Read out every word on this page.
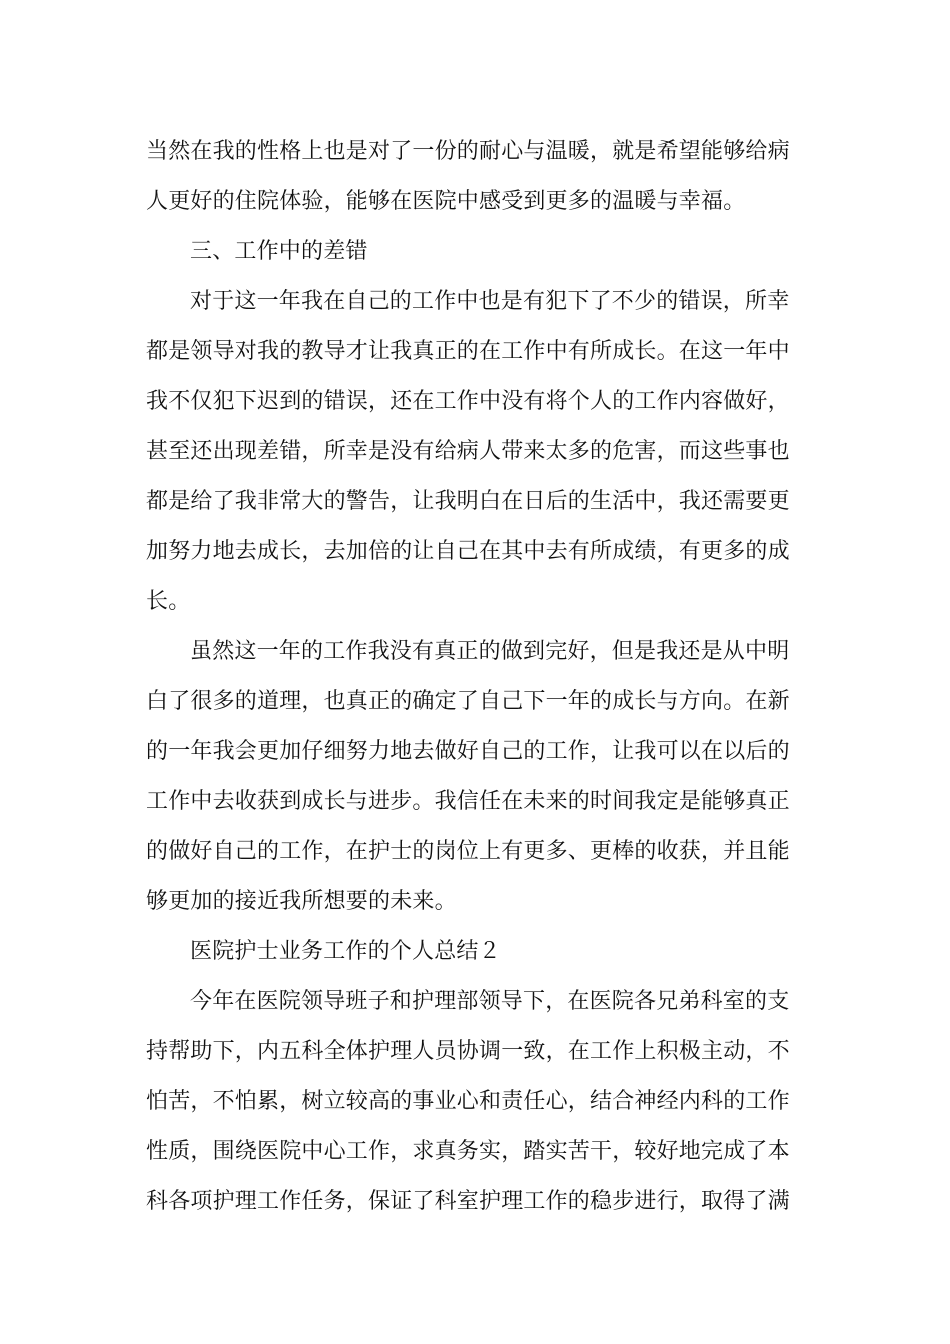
当然在我的性格上也是对了一份的耐心与温暖，就是希望能够给病
人更好的住院体验，能够在医院中感受到更多的温暖与幸福。
三、工作中的差错
对于这一年我在自己的工作中也是有犯下了不少的错误，所幸
都是领导对我的教导才让我真正的在工作中有所成长。在这一年中
我不仅犯下迟到的错误，还在工作中没有将个人的工作内容做好，
甚至还出现差错，所幸是没有给病人带来太多的危害，而这些事也
都是给了我非常大的警告，让我明白在日后的生活中，我还需要更
加努力地去成长，去加倍的让自己在其中去有所成绩，有更多的成
长。
虽然这一年的工作我没有真正的做到完好，但是我还是从中明
白了很多的道理，也真正的确定了自己下一年的成长与方向。在新
的一年我会更加仔细努力地去做好自己的工作，让我可以在以后的
工作中去收获到成长与进步。我信任在未来的时间我定是能够真正
的做好自己的工作，在护士的岗位上有更多、更棒的收获，并且能
够更加的接近我所想要的未来。
医院护士业务工作的个人总结２
今年在医院领导班子和护理部领导下，在医院各兄弟科室的支
持帮助下，内五科全体护理人员协调一致，在工作上积极主动，不
怕苦，不怕累，树立较高的事业心和责任心，结合神经内科的工作
性质，围绕医院中心工作，求真务实，踏实苦干，较好地完成了本
科各项护理工作任务，保证了科室护理工作的稳步进行，取得了满
